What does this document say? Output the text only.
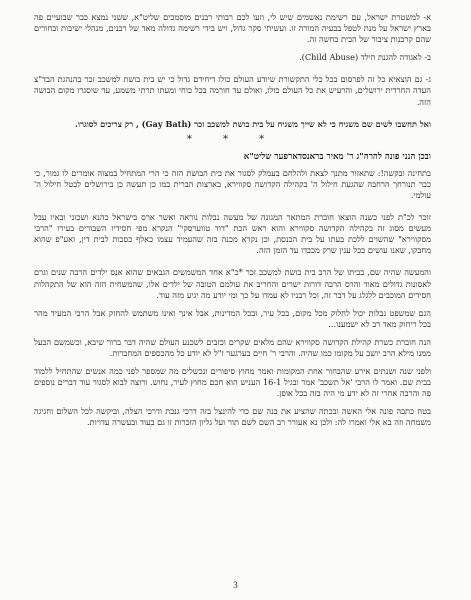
א- למשטרת ישראל, עם רשימת נאשמים שיש לי, וזעו לכם רבותי רבנים מוסמכים שליט"א, ששני נמצא כבר שבועיים פה בארץ ישראל על מנת לטפל בבעיה המורה זו. ועשיתי סקר גדול, ויש בידי רשימה גדולה מאד של רבנים, מנהלי ישיבות ובחורים שהם קרבנות ציבור של הבית בחשה זה.

ב- לאגודה להגנת הילד (Child Abuse).

ג- גם הוצאיא כל זה לפרסום בכל כלי התקשורת שיודע העולם כולו דיחידם גדול כי יש בית בושת למשכב זכר בהנהגת הבד"צ העדה החרדית ירושלים, והרעיש את כל העולם כולו, ואולם עד חורמה בכל כוחי ומעתו תרתי משמע, עד שיסגרו מקום הבושה הזה.

ואל תחשבו לשים שם משגיח כי לא שייך משגיח על בית בושת למשכב זכר (Gay Bath) , רק צריכים לסוגרו.

* * *
ובכן הנני פונה להרה"ג ר' מאיר בראנסדארפער שליט"א

בתחינה ובקשה!: שתאזור מתנך לצאת ולהלחם בעמלק לסגור את בית הבושת הזה כי הרי המתחיל במצוה אומרים לו גמור, כי כבר תנורחך הרחבה שהגעת חילול ה' בקהילה הקדושה סקווירא, בארצות הברית כמו כן תעשה כן בירושלים לבטל חילול ה' עולמי.

זוכר לכ"ת לפני כשנה הוצאו חוברת המתאר המגונה של מעשה נבלות נוראה ואשר ארס בישראל כהנא ושכוני ובאיו עבל מעשים מסוג זה בקהילה הקדושה סקווירא והוא ראש הכת "דוד טווערסקי" הנקרא מפי חסידיו השבורים בעירו "הרבי מסקווירא" שהשוים ללכת בעתו על בית הכנסת, וכן נקרא מכנה בזה שהעמיד עצמו כאלף כסכות לבית דין, ואע"פ שהוא מחבקו, שאנו עושים ככל ענין שרק מכבדו עד הזמן הזה.

והמעשה שהיה שם, בביתו של הרב בית בושת למשכב זכר *כ"א אחד המשמשים הגבאים שהוא אנס ילדים הרבה שנים וגרם לאסונות גדולים מאוד והרס הרבה דורות ישרים והחריב את עולמם הטובה של ילדים אלו, שהמשחית הזה הוא של התקהלות חסידים המוכבים ללגלג על דבר זה, וכל רבניו לא עמדו על כך ומי יודע מה יגיע מזה עוד.

הגם שמשפט נבלות יכול לחלוק מכל מקום, בכל עיר, ובכל המדינות, אבל אינך ואינו משתמש להחזק אבל הרבי המעיד מהר בכל ריחוק מאד רב לא ישמענו...

הנה חוברת כשרת קהילת הקדושה סקווירא שהם מלאים שקרים וכזבים לשכנע העולם שהיה דבר ברור שיבא, וכשמשם הבעל ממנו מילא הרב יושב על מקומו כמו שהיה. והרבי ר' חיים בערגער ז"ל לא יודע כל מהכספים המחברות.

ולפני שנה ושנתים אירע שהבחור אחת המקומות ואמר מחוץ סיפורים ונכשלים מה שמספר לפני כמה אנשים שהתחיל ללמוד בבית שם. ואמר לו הרבי 'אל תשכב' אמר ובגיל 16-1 העניש הוא חכם מחוץ לעיר, נחוש. ורוצה לבוא לסגור עוד דברים נוספים פה והרבה אחרי זה לא ידע מי היה בזה בכל אופן.

בטח כתבה פונה אלי האשה ובכתה שהציע את בנה שם כדי להינצל בזה דרכי גנבת ודרכי הצלה, וביקשה לכל השלום וחגיגה משמחה וזה בא אלי ואמרו לה: ולכן נא אעורר רב השם לשם תור ועל גליון הזכרות זו גם בעוד ובעשרה עדויות.

3
